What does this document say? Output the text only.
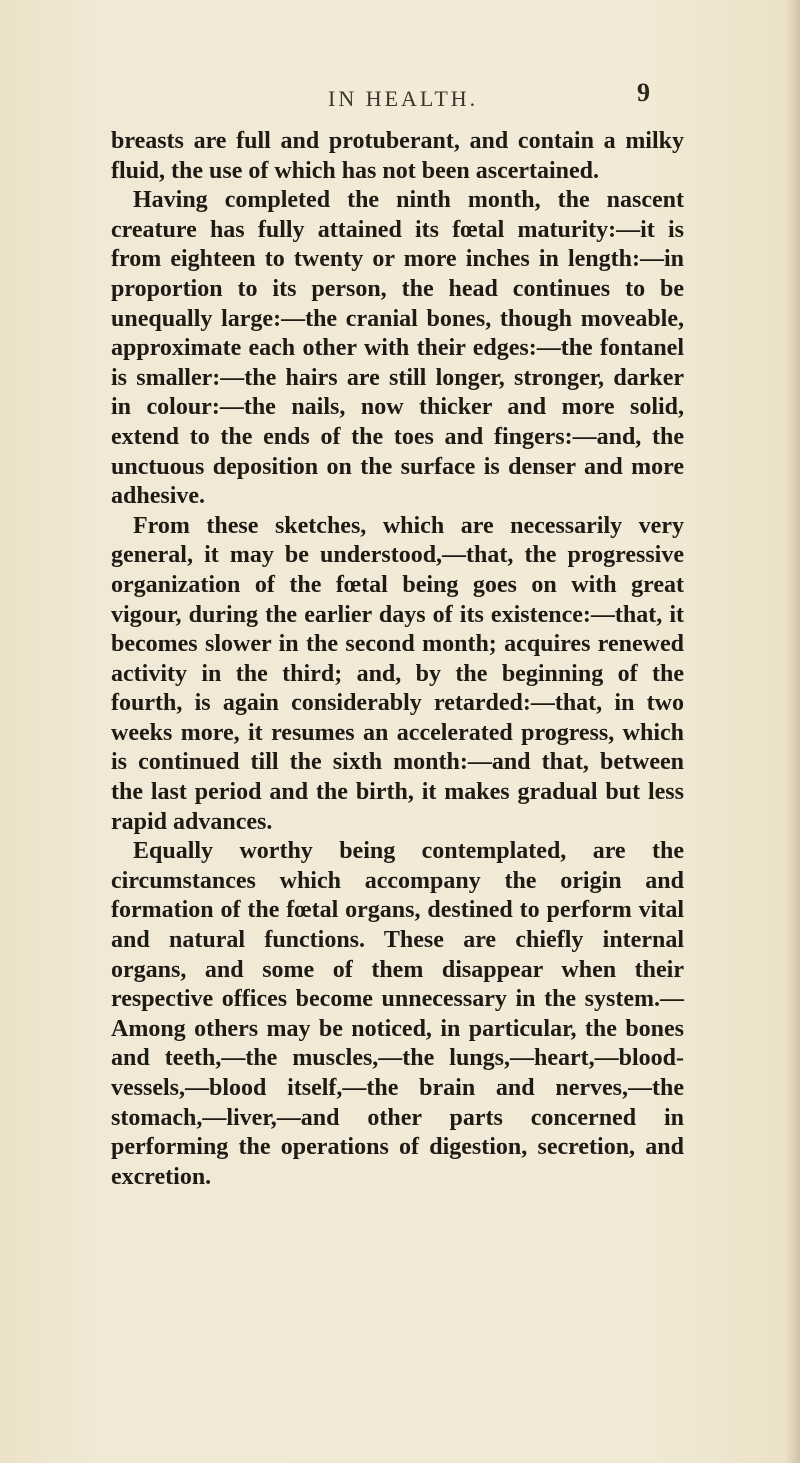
IN HEALTH.	9

breasts are full and protuberant, and contain a milky fluid, the use of which has not been ascertained.

Having completed the ninth month, the nascent creature has fully attained its fœtal maturity:—it is from eighteen to twenty or more inches in length:—in proportion to its person, the head continues to be unequally large:—the cranial bones, though moveable, approximate each other with their edges:—the fontanel is smaller:—the hairs are still longer, stronger, darker in colour:—the nails, now thicker and more solid, extend to the ends of the toes and fingers:—and, the unctuous deposition on the surface is denser and more adhesive.

From these sketches, which are necessarily very general, it may be understood,—that, the progressive organization of the fœtal being goes on with great vigour, during the earlier days of its existence:—that, it becomes slower in the second month; acquires renewed activity in the third; and, by the beginning of the fourth, is again considerably retarded:—that, in two weeks more, it resumes an accelerated progress, which is continued till the sixth month:—and that, between the last period and the birth, it makes gradual but less rapid advances.

Equally worthy being contemplated, are the circumstances which accompany the origin and formation of the fœtal organs, destined to perform vital and natural functions. These are chiefly internal organs, and some of them disappear when their respective offices become unnecessary in the system.—Among others may be noticed, in particular, the bones and teeth,—the muscles,—the lungs,—heart,—blood-vessels,—blood itself,—the brain and nerves,—the stomach,—liver,—and other parts concerned in performing the operations of digestion, secretion, and excretion.
